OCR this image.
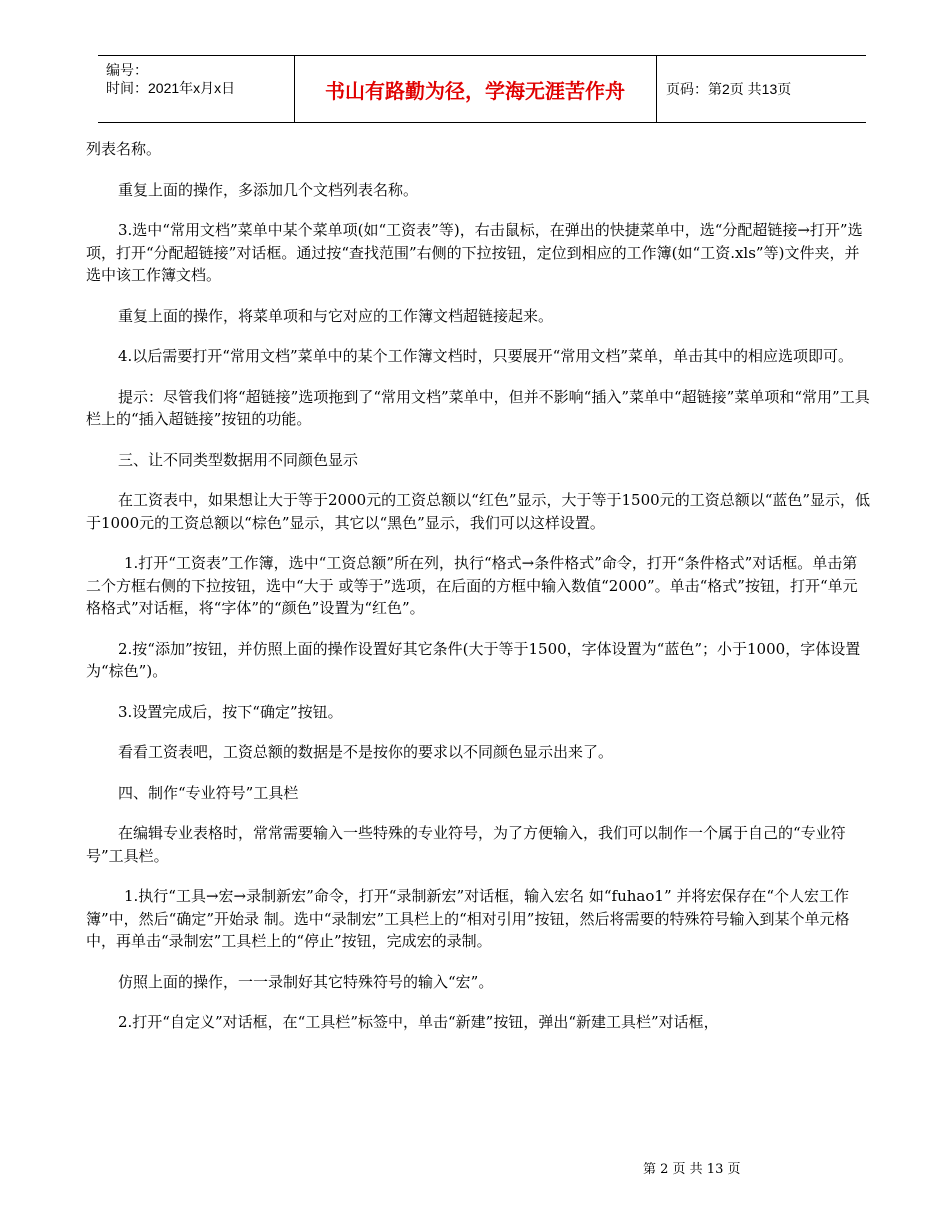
编号：
时间：2021年x月x日	书山有路勤为径，学海无涯苦作舟	页码：第2页 共13页

列表名称。

重复上面的操作，多添加几个文档列表名称。

3.选中“常用文档”菜单中某个菜单项(如“工资表”等)，右击鼠标，在弹出的快捷菜单中，选“分配超链接→打开”选项，打开“分配超链接”对话框。通过按“查找范围”右侧的下拉按钮，定位到相应的工作簿(如“工资.xls”等)文件夹，并选中该工作簿文档。

重复上面的操作，将菜单项和与它对应的工作簿文档超链接起来。

4.以后需要打开“常用文档”菜单中的某个工作簿文档时，只要展开“常用文档”菜单，单击其中的相应选项即可。

提示：尽管我们将“超链接”选项拖到了“常用文档”菜单中，但并不影响“插入”菜单中“超链接”菜单项和“常用”工具栏上的“插入超链接”按钮的功能。

三、让不同类型数据用不同颜色显示

在工资表中，如果想让大于等于2000元的工资总额以“红色”显示，大于等于1500元的工资总额以“蓝色”显示，低于1000元的工资总额以“棕色”显示，其它以“黑色”显示，我们可以这样设置。

1.打开“工资表”工作簿，选中“工资总额”所在列，执行“格式→条件格式”命令，打开“条件格式”对话框。单击第二个方框右侧的下拉按钮，选中“大于 或等于”选项，在后面的方框中输入数值“2000”。单击“格式”按钮，打开“单元格格式”对话框，将“字体”的“颜色”设置为“红色”。

2.按“添加”按钮，并仿照上面的操作设置好其它条件(大于等于1500，字体设置为“蓝色”；小于1000，字体设置为“棕色”)。

3.设置完成后，按下“确定”按钮。

看看工资表吧，工资总额的数据是不是按你的要求以不同颜色显示出来了。

四、制作“专业符号”工具栏

在编辑专业表格时，常常需要输入一些特殊的专业符号，为了方便输入，我们可以制作一个属于自己的“专业符号”工具栏。

1.执行“工具→宏→录制新宏”命令，打开“录制新宏”对话框，输入宏名 如“fuhao1” 并将宏保存在“个人宏工作簿”中，然后“确定”开始录 制。选中“录制宏”工具栏上的“相对引用”按钮，然后将需要的特殊符号输入到某个单元格中，再单击“录制宏”工具栏上的“停止”按钮，完成宏的录制。

仿照上面的操作，一一录制好其它特殊符号的输入“宏”。

2.打开“自定义”对话框，在“工具栏”标签中，单击“新建”按钮，弹出“新建工具栏”对话框，

第 2 页 共 13 页
